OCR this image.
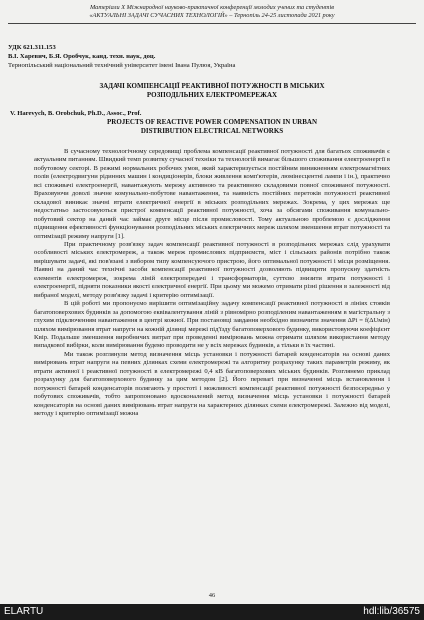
Матеріали Х Міжнародної науково-практичної конференції молодих учених та студентів
«АКТУАЛЬНІ ЗАДАЧІ СУЧАСНИХ ТЕХНОЛОГІЙ» – Тернопіль 24-25 листопада 2021 року
УДК 621.311.153
В.І. Харевич, Б.Я. Оробчук, канд. техн. наук, доц.
Тернопільський національний технічний університет імені Івана Пулюя, Україна
ЗАДАЧІ КОМПЕНСАЦІЇ РЕАКТИВНОЇ ПОТУЖНОСТІ В МІСЬКИХ
РОЗПОДІЛЬНИХ ЕЛЕКТРОМЕРЕЖАХ
V. Harevych, B. Orobchuk, Ph.D., Assoc., Prof.
PROJECTS OF REACTIVE POWER COMPENSATION IN URBAN
DISTRIBUTION ELECTRICAL NETWORKS

В сучасному технологічному середовищі проблема компенсації реактивної потужності для багатьох споживачів є актуальним питанням. Швидкий темп розвитку сучасної техніки та технологій вимагає більшого споживання електроенергії в побутовому секторі. В режимі нормальних робочих умов, який характеризується постійним виникненням електромагнітних полів (електродвигуни рідинних машин і кондиціонерів, блоки живлення комп'ютерів, люмінесцентні лампи і ін.), практично всі споживачі електроенергії, навантажують мережу активною та реактивною складовими повної споживаної потужності. Враховуючи доволі значне комунально-побутове навантаження, та наявність постійних перетоків потужності реактивної складової виникає значні втрати електричної енергії в міських розподільних мережах. Зокрема, у цих мережах ще недостатньо застосовуються пристрої компенсації реактивної потужності, хоча за обсягами споживання комунально-побутовий сектор на даний час займає друге місце після промисловості. Тому актуальною проблемою є дослідження підвищення ефективності функціонування розподільних міських електричних мереж шляхом зменшення втрат потужності та оптимізації режиму напруги [1].

При практичному розв'язку задач компенсації реактивної потужності в розподільних мережах слід урахувати особливості міських електромереж, а також мереж промислових підприємств, міст і сільських районів потрібно також вирішувати задачі, які пов'язані з вибором типу компенсуючого пристрою, його оптимальної потужності і місця розміщення. Наявні на даний час технічні засоби компенсації реактивної потужності дозволяють підвищити пропускну здатність елементів електромереж, зокрема ліній електропередачі і трансформаторів, суттєво знизити втрати потужності і електроенергії, підняти показники якості електричної енергії. При цьому ми можемо отримати різні рішення в залежності від вибраної моделі, методу розв'язку задачі і критерію оптимізації.

В цій роботі ми пропонуємо вирішити оптимізаційну задачу компенсації реактивної потужності в лініях стояків багатоповерхових будинків за допомогою еквівалентування ліній з рівномірно розподіленим навантаженням в магістральну з глухим підключенням навантаження в центрі кожної. При постановці завдання необхідно визначити значення ΔPi = f(ΔUмін) шляхом вимірювання втрат напруги на кожній ділянці мережі під'їзду багатоповерхового будинку, використовуючи коефіцієнт Kвір. Подальше зменшення виробничих витрат при проведенні вимірювань можна отримати шляхом використання методу випадкової вибірки, коли вимірювання будемо проводити не у всіх мережах будинків, а тільки в їх частині.

Ми також розглянули метод визначення місць установки і потужності батарей конденсаторів на основі даних вимірювань втрат напруги на певних ділянках схеми електромережі та алгоритму розрахунку таких параметрів режиму, як втрати активної і реактивної потужності в електромережі 0,4 кВ багатоповерхових міських будинків. Розглянемо приклад розрахунку для багатоповерхового будинку за цим методом [2]. Його перевагі при визначенні місць встановлення і потужності батарей конденсаторів полягають у простоті і можливості компенсації реактивної потужності безпосередньо у побутових споживачів, тобто запропоновано вдосконалений метод визначення місць установки і потужності батарей конденсаторів на основі даних вимірювань втрат напруги на характерних ділянках схеми електромережі. Залежно від моделі, методу і критерію оптимізації можна

46
ELARTU	hdl:lib/36575
